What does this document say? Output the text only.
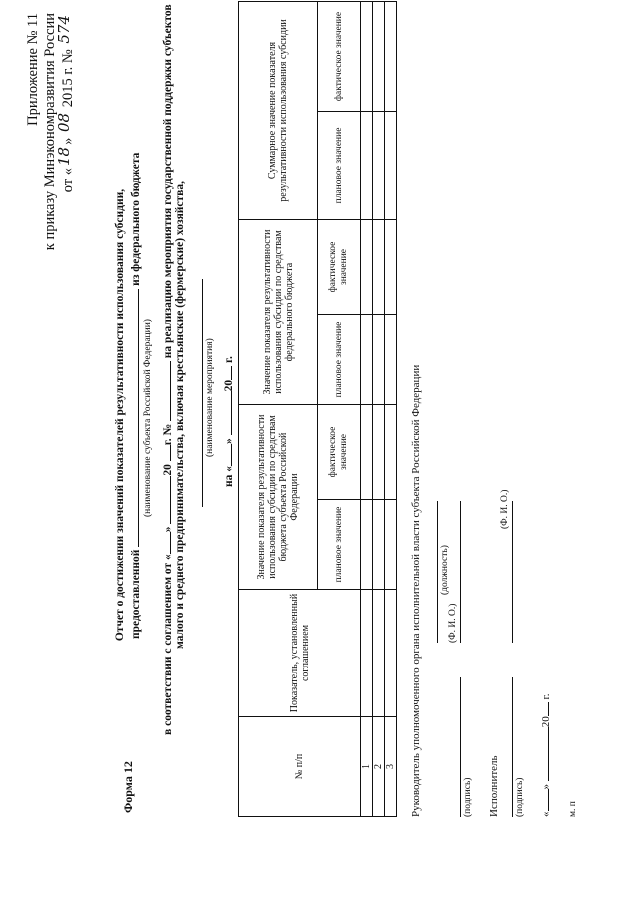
Приложение № 11 к приказу Минэкономразвития России от «18» 08 2015 г. № 574
Форма 12
Отчет о достижении значений показателей результативности использования субсидии, предоставленной  из федерального бюджета
(наименование субъекта Российской Федерации)
в соответствии с соглашением от «» 20 г. №  на реализацию мероприятия государственной поддержки субъектов малого и среднего предпринимательства, включая крестьянские (фермерские) хозяйства, (наименование мероприятия)
на «» 20 г.
№ п/п	Показатель, установленный соглашением	Значение показателя результативности использования субсидии по средствам бюджета субъекта Российской Федерации		Значение показателя результативности использования субсидии по средствам федерального бюджета		Суммарное значение показателя результативности использования субсидии	
		плановое значение	фактическое значение	плановое значение	фактическое значение	плановое значение	фактическое значение
1							
2							
3							Руководитель уполномоченного органа исполнительной власти субъекта Российской Федерации (должность)
(подпись)
(Ф. И. О.)
Исполнитель (подпись)
(Ф. И. О.)
«» 20 г.
м. п
